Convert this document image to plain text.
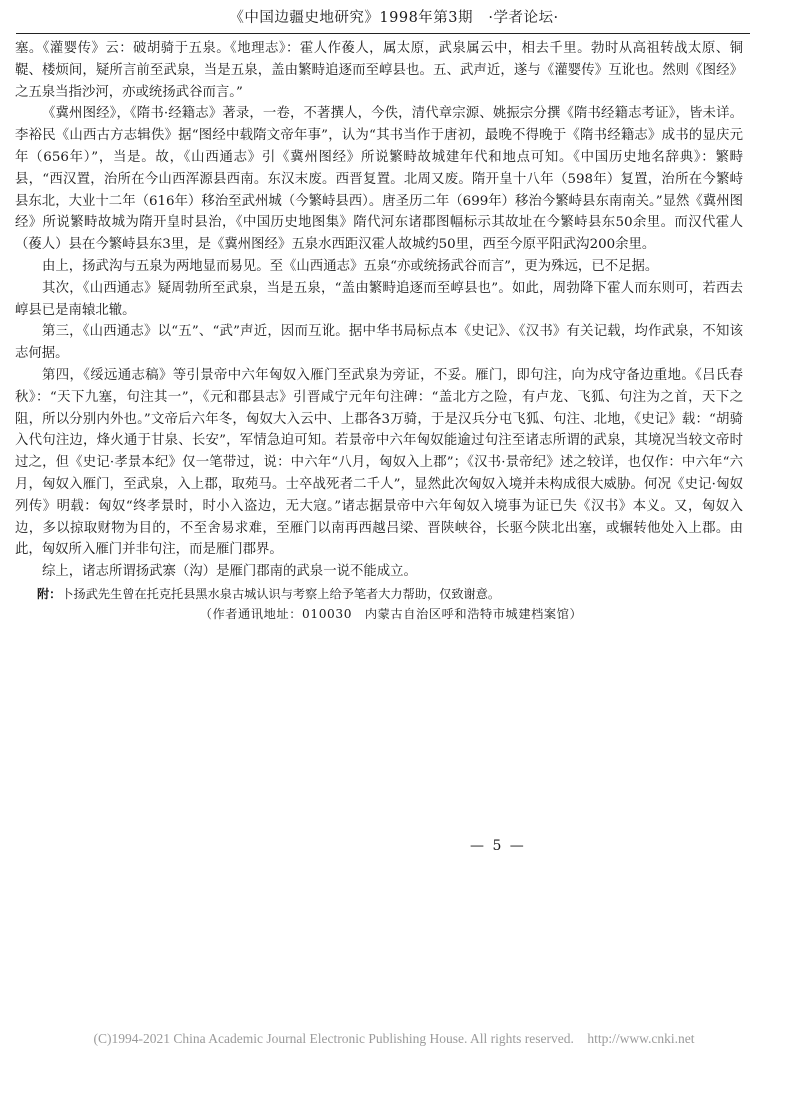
《中国边疆史地研究》1998年第3期 ·学者论坛·

塞。《灌婴传》云：破胡骑于五泉。《地理志》：霍人作葰人，属太原，武泉属云中，相去千里。勃时从高祖转战太原、铜鞮、楼烦间，疑所言前至武泉，当是五泉，盖由繁畤追逐而至崞县也。五、武声近，遂与《灌婴传》互讹也。然则《图经》之五泉当指沙河，亦或统扬武谷而言。”

《冀州图经》，《隋书·经籍志》著录，一卷，不著撰人，今佚，清代章宗源、姚振宗分撰《隋书经籍志考证》，皆未详。李裕民《山西古方志辑佚》据“图经中载隋文帝年事”，认为“其书当作于唐初，最晚不得晚于《隋书经籍志》成书的显庆元年（656年）”，当是。故，《山西通志》引《冀州图经》所说繁畤故城建年代和地点可知。《中国历史地名辞典》：繁畤县，“西汉置，治所在今山西浑源县西南。东汉末废。西晋复置。北周又废。隋开皇十八年（598年）复置，治所在今繁峙县东北，大业十二年（616年）移治至武州城（今繁峙县西）。唐圣历二年（699年）移治今繁峙县东南南关。”显然《冀州图经》所说繁畤故城为隋开皇时县治，《中国历史地图集》隋代河东诸郡图幅标示其故址在今繁峙县东50余里。而汉代霍人（葰人）县在今繁峙县东3里，是《冀州图经》五泉水西距汉霍人故城约50里，西至今原平阳武沟200余里。

由上，扬武沟与五泉为两地显而易见。至《山西通志》五泉“亦或统扬武谷而言”，更为殊远，已不足据。

其次，《山西通志》疑周勃所至武泉，当是五泉，“盖由繁畤追逐而至崞县也”。如此，周勃降下霍人而东则可，若西去崞县已是南辕北辙。

第三，《山西通志》以“五”、“武”声近，因而互讹。据中华书局标点本《史记》、《汉书》有关记载，均作武泉，不知该志何据。

第四，《绥远通志稿》等引景帝中六年匈奴入雁门至武泉为旁证，不妥。雁门，即句注，向为戍守备边重地。《吕氏春秋》：“天下九塞，句注其一”，《元和郡县志》引晋咸宁元年句注碑：“盖北方之险，有卢龙、飞狐、句注为之首，天下之阻，所以分别内外也。”文帝后六年冬，匈奴大入云中、上郡各3万骑，于是汉兵分屯飞狐、句注、北地，《史记》载：“胡骑入代句注边，烽火通于甘泉、长安”，军情急迫可知。若景帝中六年匈奴能逾过句注至诸志所谓的武泉，其境况当较文帝时过之，但《史记·孝景本纪》仅一笔带过，说：中六年“八月，匈奴入上郡”；《汉书·景帝纪》述之较详，也仅作：中六年“六月，匈奴入雁门，至武泉，入上郡，取苑马。士卒战死者二千人”，显然此次匈奴入境并未构成很大威胁。何况《史记·匈奴列传》明载：匈奴“终孝景时，时小入盗边，无大寇。”诸志据景帝中六年匈奴入境事为证已失《汉书》本义。又，匈奴入边，多以掠取财物为目的，不至舍易求难，至雁门以南再西越吕梁、晋陕峡谷，长驱今陕北出塞，或辗转他处入上郡。由此，匈奴所入雁门并非句注，而是雁门郡界。

综上，诸志所谓扬武寨（沟）是雁门郡南的武泉一说不能成立。

附：卜扬武先生曾在托克托县黑水泉古城认识与考察上给予笔者大力帮助，仅致谢意。

（作者通讯地址：010030　内蒙古自治区呼和浩特市城建档案馆）

— 5 —
(C)1994-2021 China Academic Journal Electronic Publishing House. All rights reserved.　http://www.cnki.net
